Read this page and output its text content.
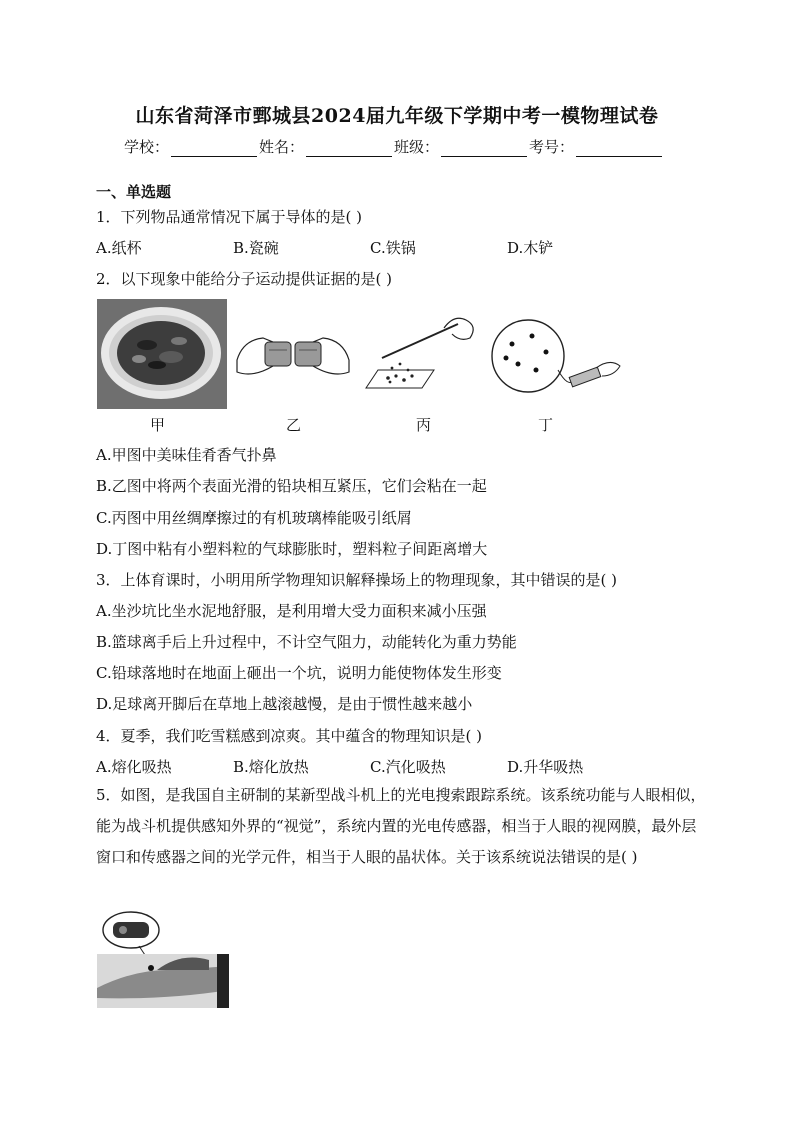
山东省菏泽市鄄城县2024届九年级下学期中考一模物理试卷
学校：	姓名：	班级：	考号：
一、单选题
1．下列物品通常情况下属于导体的是( )
A.纸杯	B.瓷碗	C.铁锅	D.木铲
2．以下现象中能给分子运动提供证据的是( )
甲	乙	丙	丁
A.甲图中美味佳肴香气扑鼻
B.乙图中将两个表面光滑的铅块相互紧压，它们会粘在一起
C.丙图中用丝绸摩擦过的有机玻璃棒能吸引纸屑
D.丁图中粘有小塑料粒的气球膨胀时，塑料粒子间距离增大
3．上体育课时，小明用所学物理知识解释操场上的物理现象，其中错误的是( )
A.坐沙坑比坐水泥地舒服，是利用增大受力面积来减小压强
B.篮球离手后上升过程中，不计空气阻力，动能转化为重力势能
C.铅球落地时在地面上砸出一个坑，说明力能使物体发生形变
D.足球离开脚后在草地上越滚越慢，是由于惯性越来越小
4．夏季，我们吃雪糕感到凉爽。其中蕴含的物理知识是( )
A.熔化吸热	B.熔化放热	C.汽化吸热	D.升华吸热
5．如图，是我国自主研制的某新型战斗机上的光电搜索跟踪系统。该系统功能与人眼相似，能为战斗机提供感知外界的“视觉”，系统内置的光电传感器，相当于人眼的视网膜，最外层窗口和传感器之间的光学元件，相当于人眼的晶状体。关于该系统说法错误的是( )
